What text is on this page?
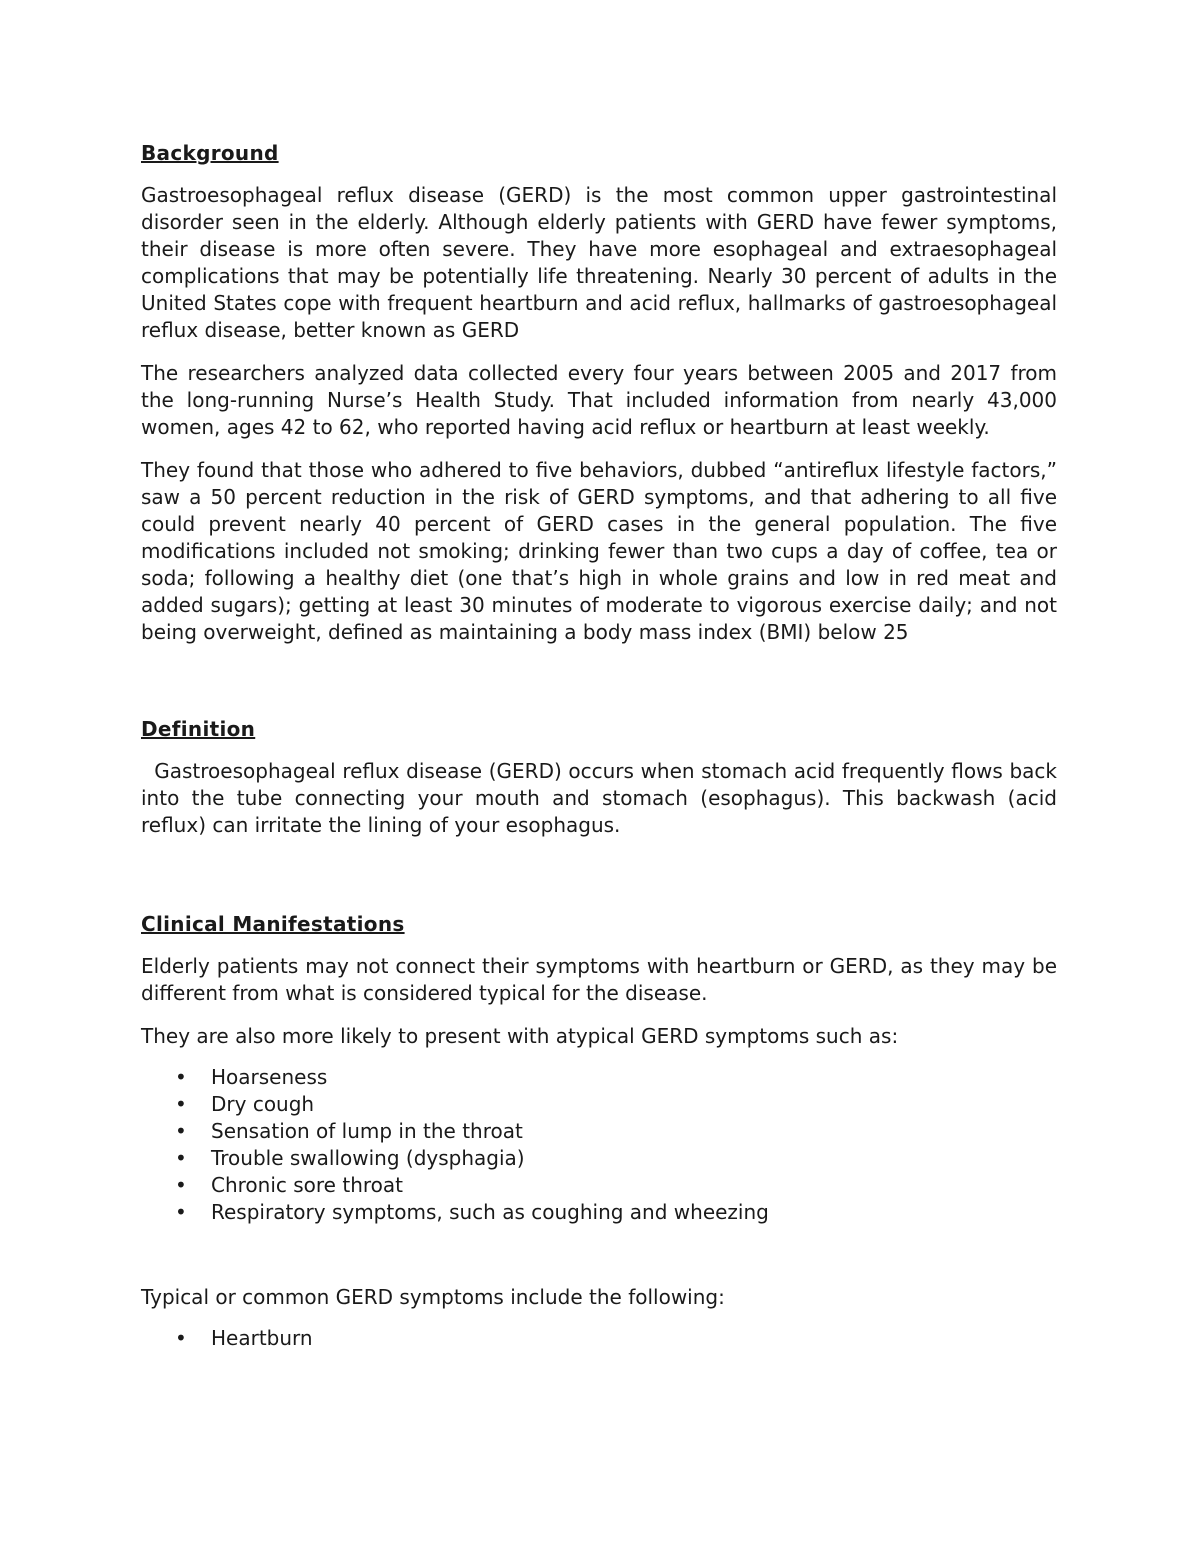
Background

Gastroesophageal reflux disease (GERD) is the most common upper gastrointestinal disorder seen in the elderly. Although elderly patients with GERD have fewer symptoms, their disease is more often severe. They have more esophageal and extraesophageal complications that may be potentially life threatening. Nearly 30 percent of adults in the United States cope with frequent heartburn and acid reflux, hallmarks of gastroesophageal reflux disease, better known as GERD

The researchers analyzed data collected every four years between 2005 and 2017 from the long-running Nurse’s Health Study. That included information from nearly 43,000 women, ages 42 to 62, who reported having acid reflux or heartburn at least weekly.

They found that those who adhered to five behaviors, dubbed “antireflux lifestyle factors,” saw a 50 percent reduction in the risk of GERD symptoms, and that adhering to all five could prevent nearly 40 percent of GERD cases in the general population. The five modifications included not smoking; drinking fewer than two cups a day of coffee, tea or soda; following a healthy diet (one that’s high in whole grains and low in red meat and added sugars); getting at least 30 minutes of moderate to vigorous exercise daily; and not being overweight, defined as maintaining a body mass index (BMI) below 25

Definition

Gastroesophageal reflux disease (GERD) occurs when stomach acid frequently flows back into the tube connecting your mouth and stomach (esophagus). This backwash (acid reflux) can irritate the lining of your esophagus.

Clinical Manifestations

Elderly patients may not connect their symptoms with heartburn or GERD, as they may be different from what is considered typical for the disease.

They are also more likely to present with atypical GERD symptoms such as:

• Hoarseness
• Dry cough
• Sensation of lump in the throat
• Trouble swallowing (dysphagia)
• Chronic sore throat
• Respiratory symptoms, such as coughing and wheezing

Typical or common GERD symptoms include the following:

• Heartburn
